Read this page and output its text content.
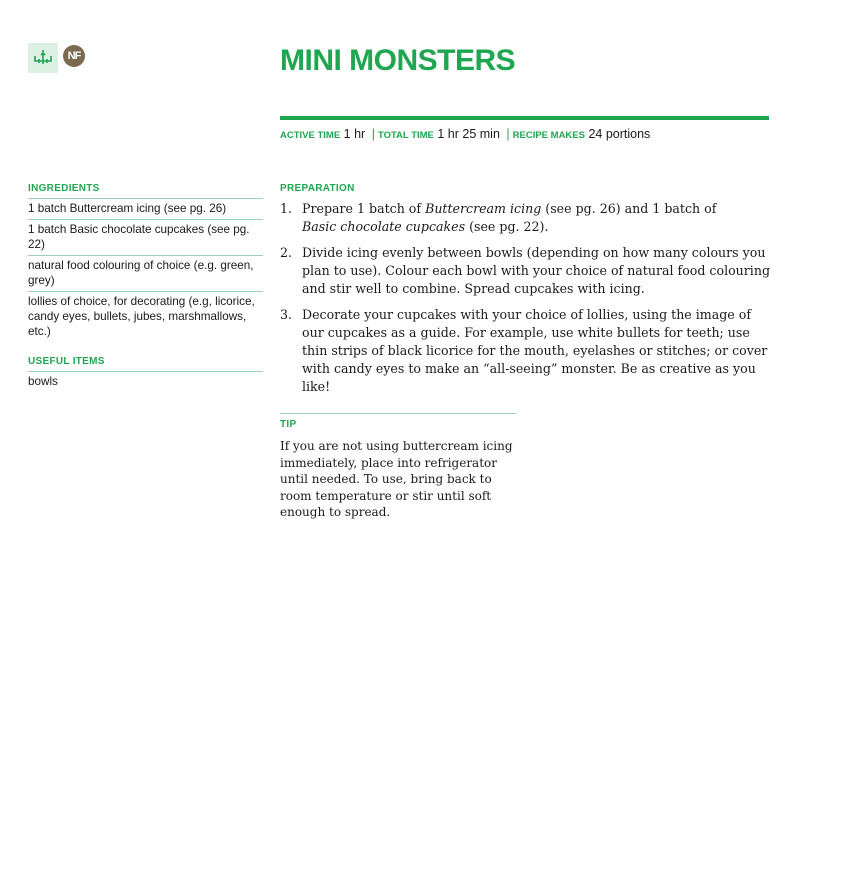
NF	MINI MONSTERS
ACTIVE TIME 1 hr | TOTAL TIME 1 hr 25 min | RECIPE MAKES 24 portions
INGREDIENTS
1 batch Buttercream icing (see pg. 26)
1 batch Basic chocolate cupcakes (see pg. 22)
natural food colouring of choice (e.g. green, grey)
lollies of choice, for decorating (e.g, licorice, candy eyes, bullets, jubes, marshmallows, etc.)
USEFUL ITEMS
bowls
PREPARATION
1. Prepare 1 batch of Buttercream icing (see pg. 26) and 1 batch of
Basic chocolate cupcakes (see pg. 22).
2. Divide icing evenly between bowls (depending on how many colours you plan to use). Colour each bowl with your choice of natural food colouring and stir well to combine. Spread cupcakes with icing.
3. Decorate your cupcakes with your choice of lollies, using the image of our cupcakes as a guide. For example, use white bullets for teeth; use thin strips of black licorice for the mouth, eyelashes or stitches; or cover with candy eyes to make an “all-seeing” monster. Be as creative as you like!
TIP

If you are not using buttercream icing immediately, place into refrigerator until needed. To use, bring back to room temperature or stir until soft enough to spread.
